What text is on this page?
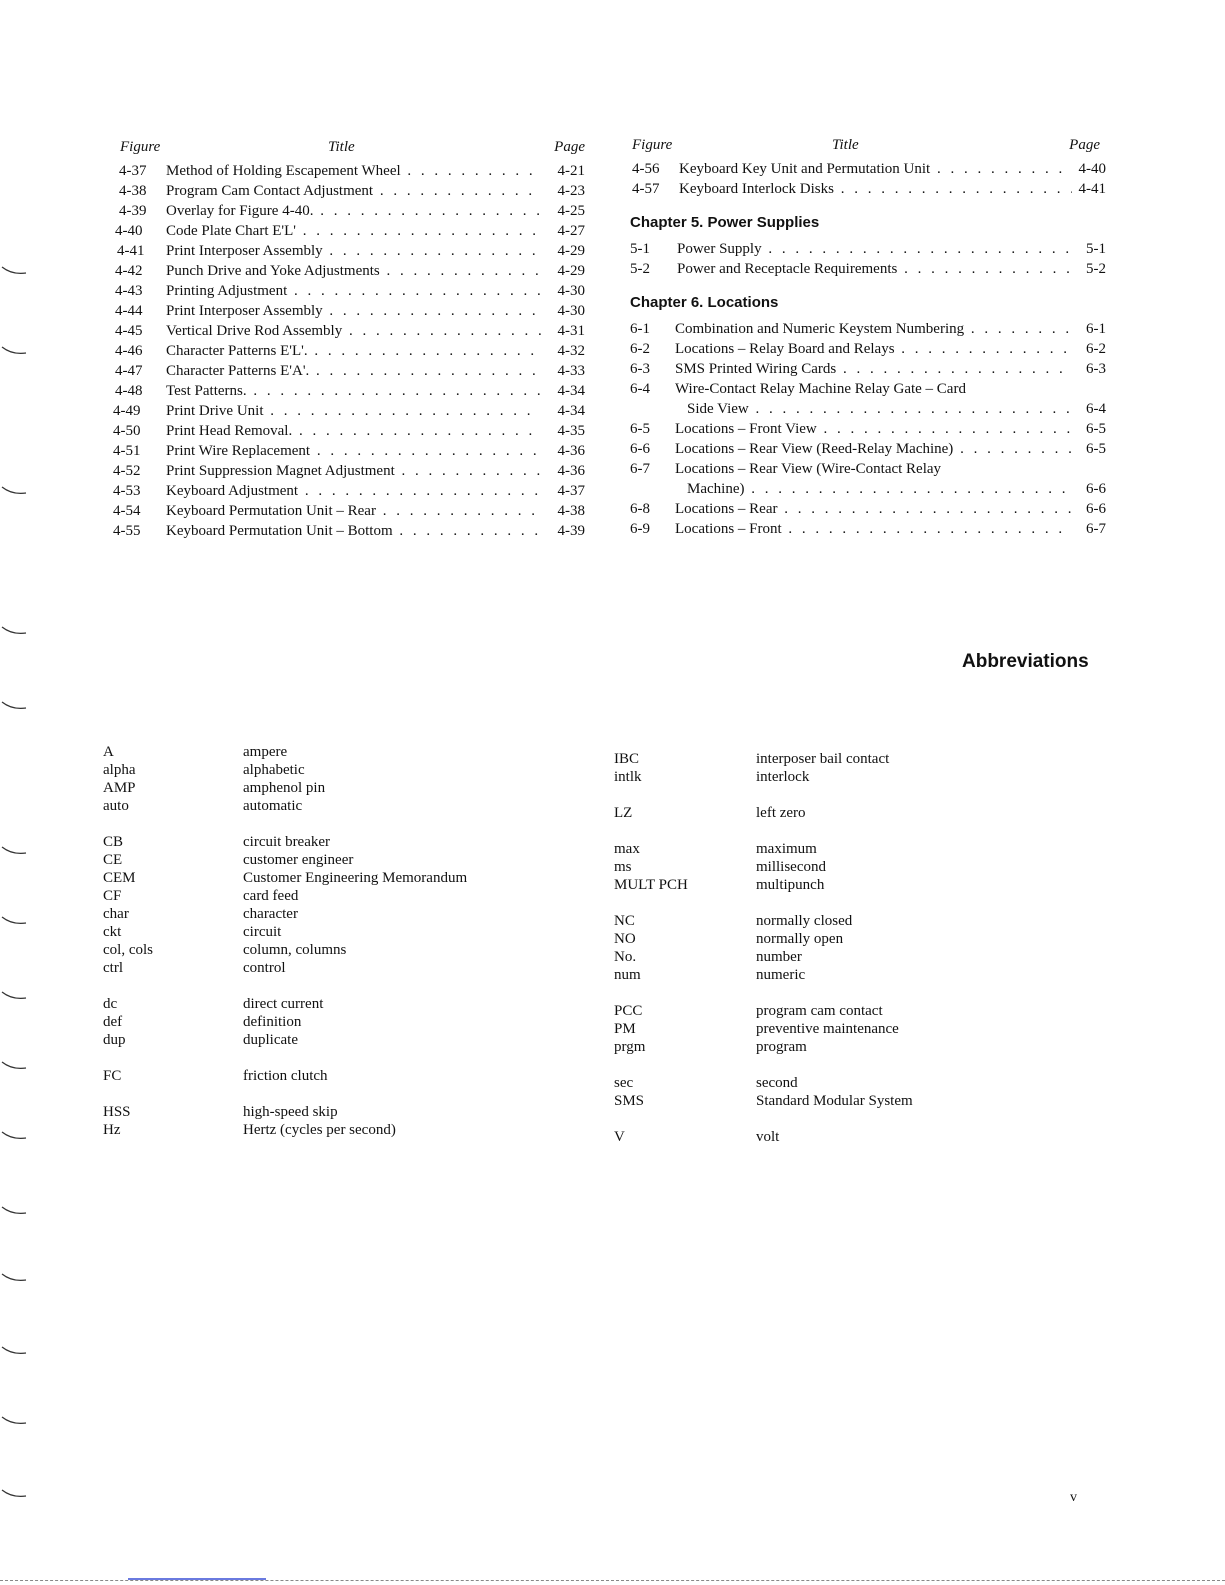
Figure	Title	Page
4-37 Method of Holding Escapement Wheel . . .	4-21
4-38 Program Cam Contact Adjustment . . .	4-23
4-39 Overlay for Figure 4-40. . . .	4-25
4-40 Code Plate Chart E'L' . . .	4-27
4-41 Print Interposer Assembly . . .	4-29
4-42 Punch Drive and Yoke Adjustments . . .	4-29
4-43 Printing Adjustment . . .	4-30
4-44 Print Interposer Assembly . . .	4-30
4-45 Vertical Drive Rod Assembly . . .	4-31
4-46 Character Patterns E'L'. . . .	4-32
4-47 Character Patterns E'A'. . . .	4-33
4-48 Test Patterns. . . .	4-34
4-49 Print Drive Unit . . .	4-34
4-50 Print Head Removal. . . .	4-35
4-51 Print Wire Replacement . . .	4-36
4-52 Print Suppression Magnet Adjustment . . .	4-36
4-53 Keyboard Adjustment . . .	4-37
4-54 Keyboard Permutation Unit – Rear . . .	4-38
4-55 Keyboard Permutation Unit – Bottom . . .	4-39
Figure	Title	Page
4-56 Keyboard Key Unit and Permutation Unit . . .	4-40
4-57 Keyboard Interlock Disks . . .	4-41
Chapter 5. Power Supplies
5-1 Power Supply . . .	5-1
5-2 Power and Receptacle Requirements . . .	5-2
Chapter 6. Locations
6-1 Combination and Numeric Keystem Numbering . . .	6-1
6-2 Locations – Relay Board and Relays . . .	6-2
6-3 SMS Printed Wiring Cards . . .	6-3
6-4 Wire-Contact Relay Machine Relay Gate – Card
Side View . . .	6-4
6-5 Locations – Front View . . .	6-5
6-6 Locations – Rear View (Reed-Relay Machine) . . .	6-5
6-7 Locations – Rear View (Wire-Contact Relay
Machine) . . .	6-6
6-8 Locations – Rear . . .	6-6
6-9 Locations – Front . . .	6-7
Abbreviations
A	ampere
alpha	alphabetic
AMP	amphenol pin
auto	automatic
CB	circuit breaker
CE	customer engineer
CEM	Customer Engineering Memorandum
CF	card feed
char	character
ckt	circuit
col, cols	column, columns
ctrl	control
dc	direct current
def	definition
dup	duplicate
FC	friction clutch
HSS	high-speed skip
Hz	Hertz (cycles per second)
IBC	interposer bail contact
intlk	interlock
LZ	left zero
max	maximum
ms	millisecond
MULT PCH	multipunch
NC	normally closed
NO	normally open
No.	number
num	numeric
PCC	program cam contact
PM	preventive maintenance
prgm	program
sec	second
SMS	Standard Modular System
V	volt
v
